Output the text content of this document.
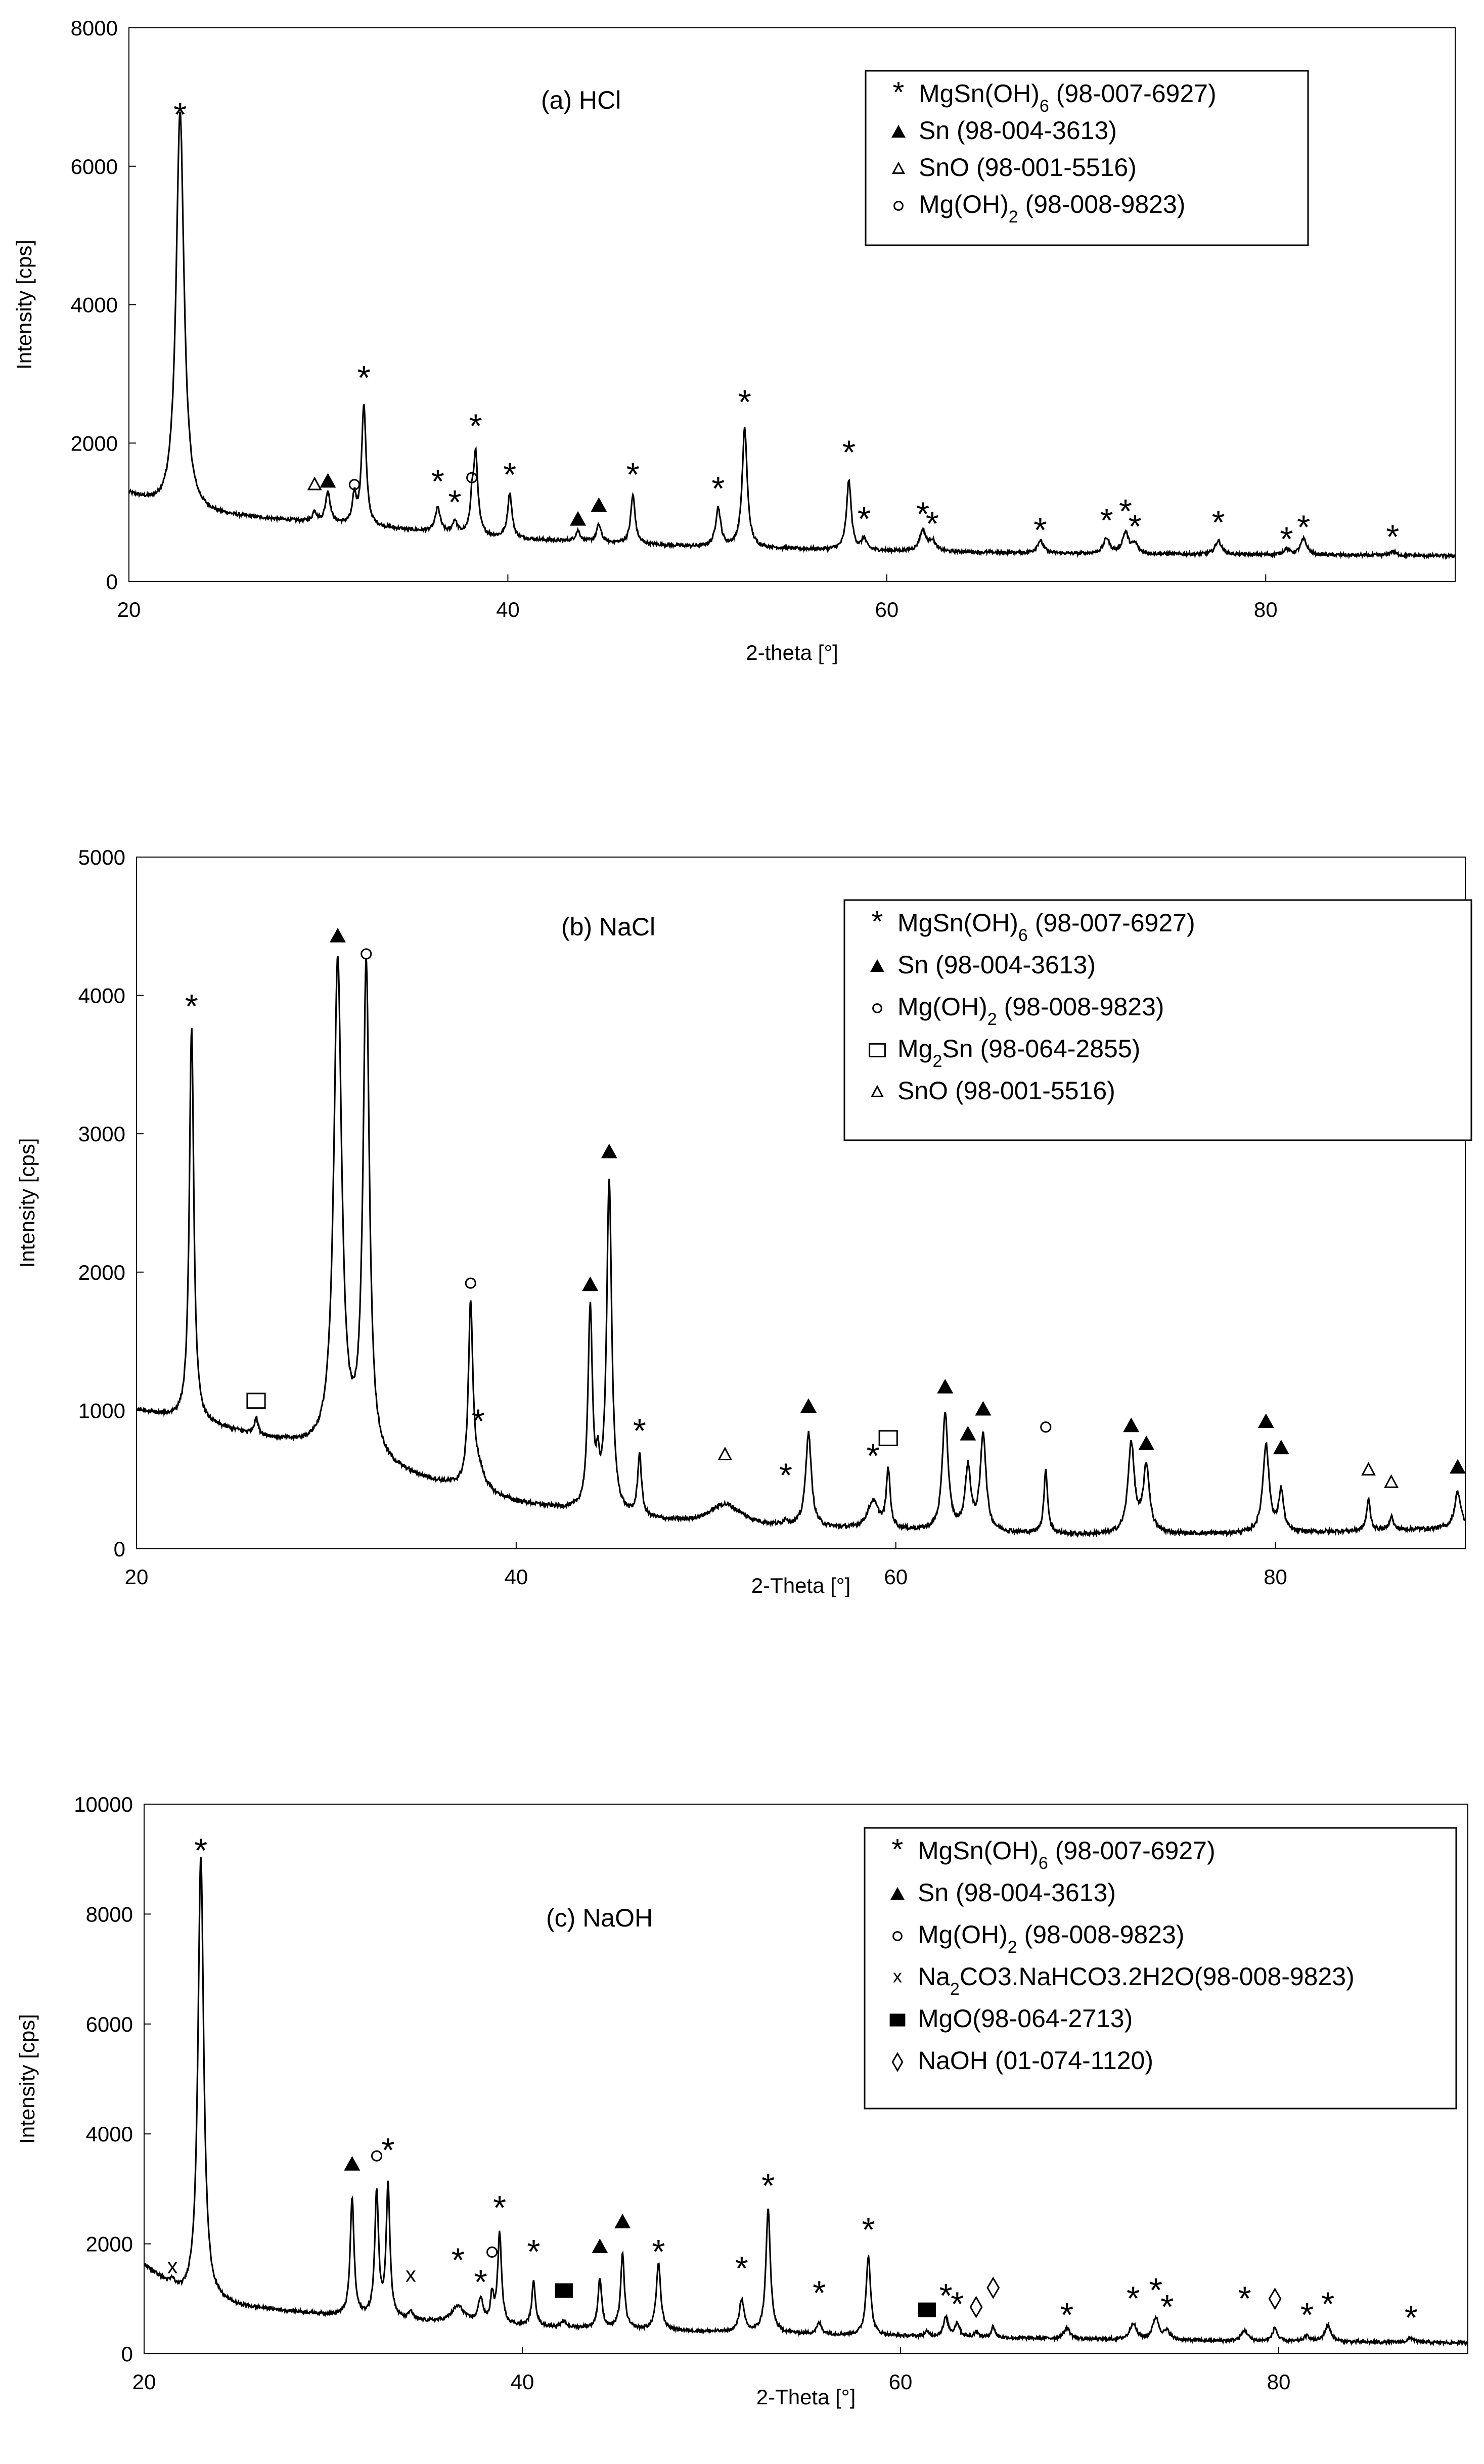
20	40	60	80
0
2000
4000
6000
8000
2-theta [°]
Intensity [cps]
(a) HCl
*
*
*
*
*
*	* *
*
*
* *
*	* * *
* * * * *
* $MgSn(OH)_6$ (98-007-6927)
Sn (98-004-3613)
SnO (98-001-5516)
$Mg(OH)_2$ (98-008-9823)
20	40	60	80
0
1000
2000
3000
4000
5000
2-Theta [°]
Intensity [cps]
(b) NaCl
*
*	*
*
*
* $MgSn(OH)_6$ (98-007-6927)
Sn (98-004-3613)
$Mg(OH)_2$ (98-008-9823)
$Mg_2Sn$ (98-064-2855)
SnO (98-001-5516)
20	40	60	80
0
2000
4000
6000
8000
10000
2-Theta [°]
Intensity [cps]
(c) NaOH
x
*
*
x *
*
*
*	* *
*
*
*
*
*	* * *
* * * * *
* $MgSn(OH)_6$ (98-007-6927)
Sn (98-004-3613)
$Mg(OH)_2$ (98-008-9823)
x $Na_2CO3.NaHCO3.2H2O(98-008-9823)$
MgO(98-064-2713)
NaOH (01-074-1120)
